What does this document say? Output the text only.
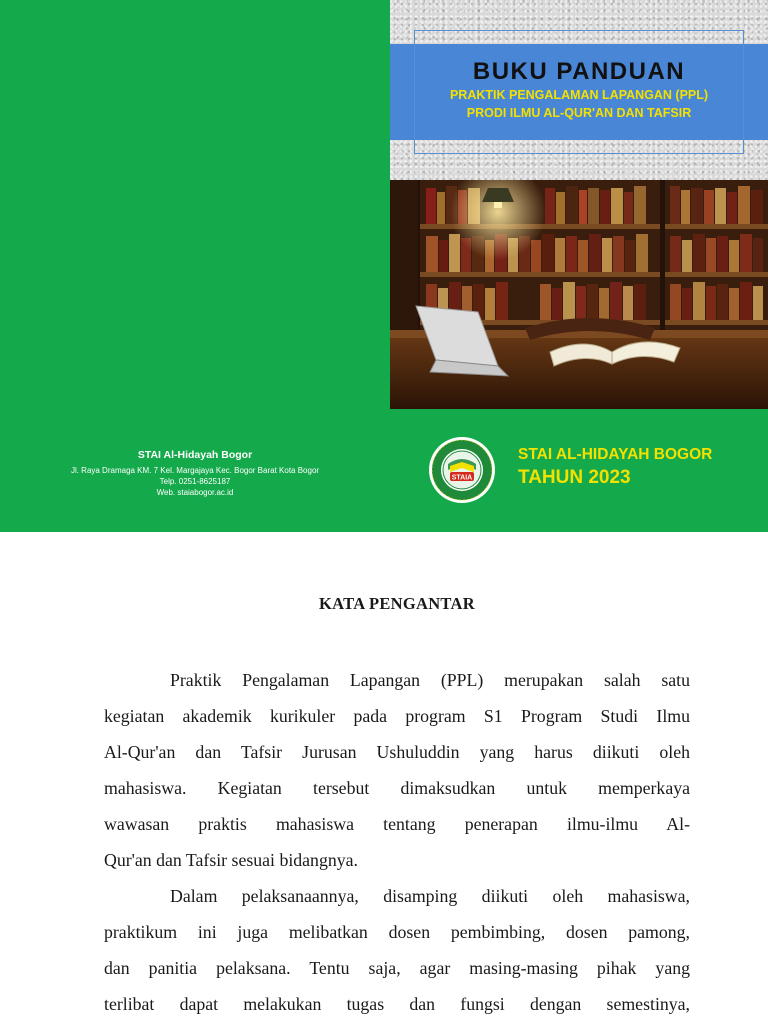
STAI Al-Hidayah Bogor
Jl. Raya Dramaga KM. 7 Kel. Margajaya Kec. Bogor Barat Kota Bogor
Telp. 0251-8625187
Web. staiabogor.ac.id
BUKU PANDUAN
PRAKTIK PENGALAMAN LAPANGAN (PPL)
PRODI ILMU AL-QUR'AN DAN TAFSIR
STAIA
STAI AL-HIDAYAH BOGOR
TAHUN 2023
KATA PENGANTAR
Praktik Pengalaman Lapangan (PPL) merupakan salah satu
kegiatan akademik kurikuler pada program S1 Program Studi Ilmu
Al-Qur'an dan Tafsir Jurusan Ushuluddin yang harus diikuti oleh
mahasiswa. Kegiatan tersebut dimaksudkan untuk memperkaya
wawasan praktis mahasiswa tentang penerapan ilmu-ilmu Al-
Qur'an dan Tafsir sesuai bidangnya.
Dalam pelaksanaannya, disamping diikuti oleh mahasiswa,
praktikum ini juga melibatkan dosen pembimbing, dosen pamong,
dan panitia pelaksana. Tentu saja, agar masing-masing pihak yang
terlibat dapat melakukan tugas dan fungsi dengan semestinya,
